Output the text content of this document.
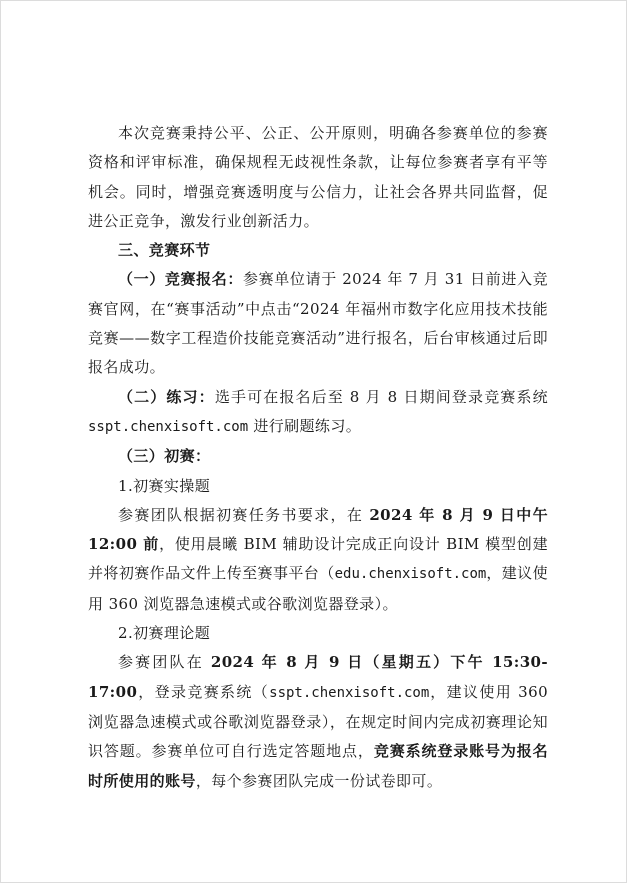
本次竞赛秉持公平、公正、公开原则，明确各参赛单位的参赛资格和评审标准，确保规程无歧视性条款，让每位参赛者享有平等机会。同时，增强竞赛透明度与公信力，让社会各界共同监督，促进公正竞争，激发行业创新活力。

三、竞赛环节

（一）竞赛报名：参赛单位请于 2024 年 7 月 31 日前进入竞赛官网，在“赛事活动”中点击“2024 年福州市数字化应用技术技能竞赛——数字工程造价技能竞赛活动”进行报名，后台审核通过后即报名成功。

（二）练习：选手可在报名后至 8 月 8 日期间登录竞赛系统 sspt.chenxisoft.com 进行刷题练习。

（三）初赛：

1.初赛实操题

参赛团队根据初赛任务书要求，在 2024 年 8 月 9 日中午 12:00 前，使用晨曦 BIM 辅助设计完成正向设计 BIM 模型创建并将初赛作品文件上传至赛事平台（edu.chenxisoft.com，建议使用 360 浏览器急速模式或谷歌浏览器登录）。

2.初赛理论题

参赛团队在 2024 年 8 月 9 日（星期五）下午 15:30-17:00，登录竞赛系统（sspt.chenxisoft.com，建议使用 360 浏览器急速模式或谷歌浏览器登录），在规定时间内完成初赛理论知识答题。参赛单位可自行选定答题地点，竞赛系统登录账号为报名时所使用的账号，每个参赛团队完成一份试卷即可。
